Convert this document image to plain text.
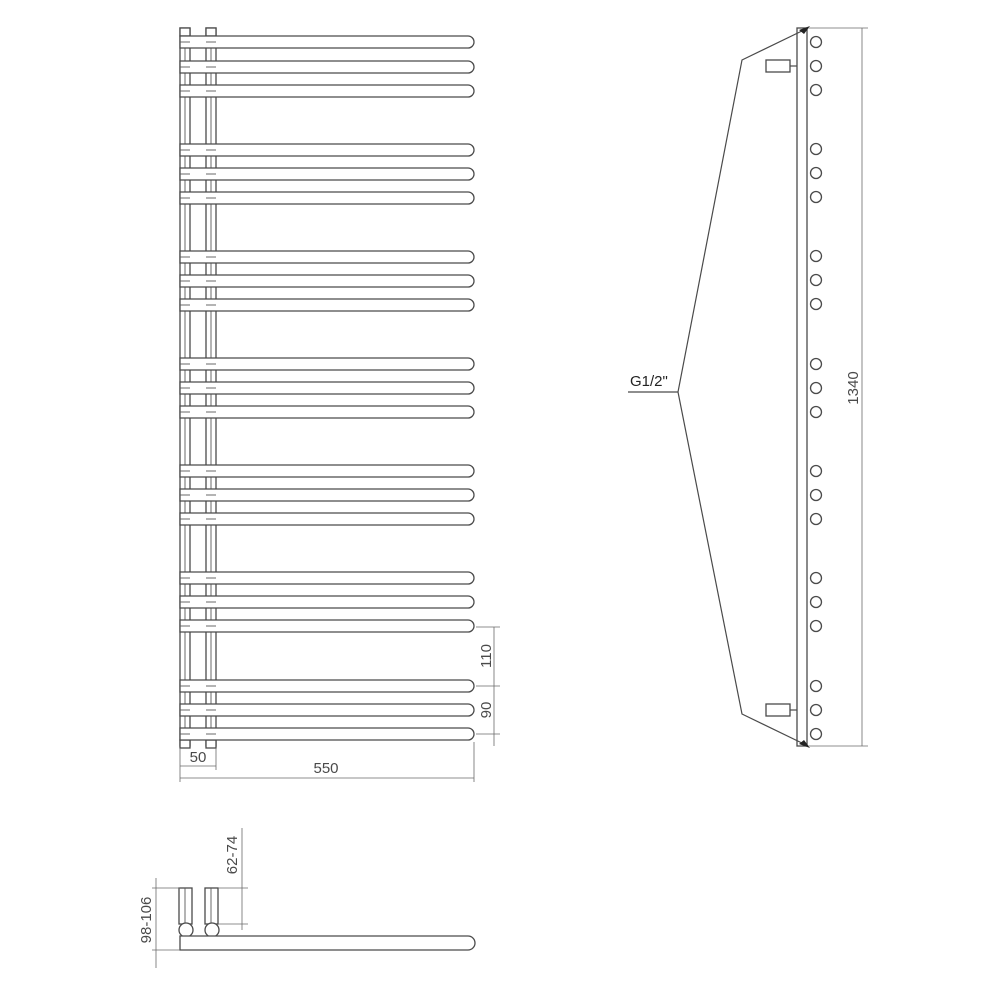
50
550
110
90
G1/2"	1340
98-106
62-74
